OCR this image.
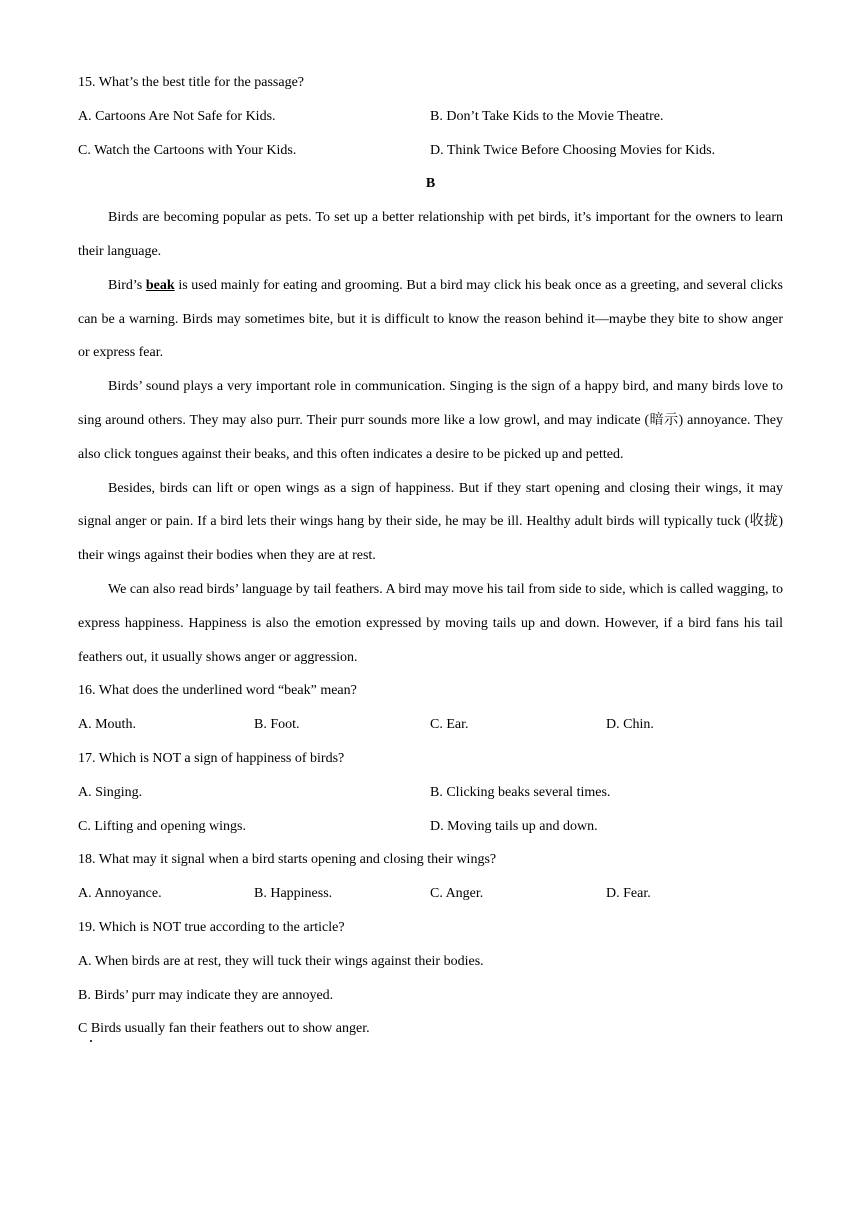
15. What’s the best title for the passage?
A. Cartoons Are Not Safe for Kids.	B. Don’t Take Kids to the Movie Theatre.
C. Watch the Cartoons with Your Kids.	D. Think Twice Before Choosing Movies for Kids.
B

Birds are becoming popular as pets. To set up a better relationship with pet birds, it’s important for the owners to learn their language.

Bird’s beak is used mainly for eating and grooming. But a bird may click his beak once as a greeting, and several clicks can be a warning. Birds may sometimes bite, but it is difficult to know the reason behind it—maybe they bite to show anger or express fear.

Birds’ sound plays a very important role in communication. Singing is the sign of a happy bird, and many birds love to sing around others. They may also purr. Their purr sounds more like a low growl, and may indicate (暗示) annoyance. They also click tongues against their beaks, and this often indicates a desire to be picked up and petted.

Besides, birds can lift or open wings as a sign of happiness. But if they start opening and closing their wings, it may signal anger or pain. If a bird lets their wings hang by their side, he may be ill. Healthy adult birds will typically tuck (收拢) their wings against their bodies when they are at rest.

We can also read birds’ language by tail feathers. A bird may move his tail from side to side, which is called wagging, to express happiness. Happiness is also the emotion expressed by moving tails up and down. However, if a bird fans his tail feathers out, it usually shows anger or aggression.

16. What does the underlined word “beak” mean?
A. Mouth.	B. Foot.	C. Ear.	D. Chin.
17. Which is NOT a sign of happiness of birds?
A. Singing.	B. Clicking beaks several times.
C. Lifting and opening wings.	D. Moving tails up and down.
18. What may it signal when a bird starts opening and closing their wings?
A. Annoyance.	B. Happiness.	C. Anger.	D. Fear.
19. Which is NOT true according to the article?
A. When birds are at rest, they will tuck their wings against their bodies.
B. Birds’ purr may indicate they are annoyed.
C Birds usually fan their feathers out to show anger.
